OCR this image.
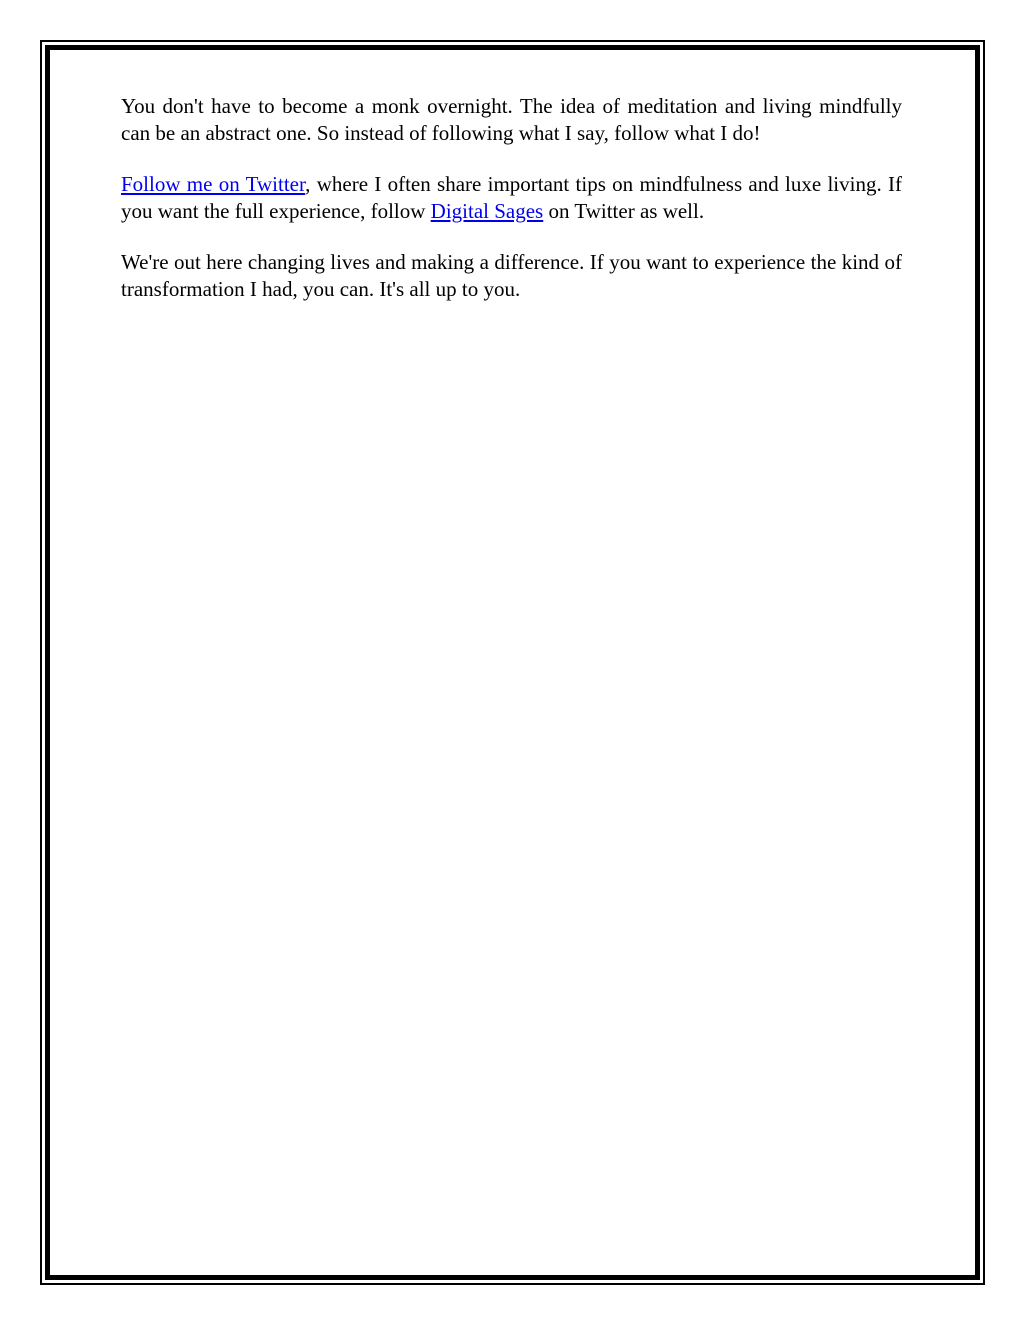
You don't have to become a monk overnight. The idea of meditation and living mindfully can be an abstract one. So instead of following what I say, follow what I do!

Follow me on Twitter, where I often share important tips on mindfulness and luxe living. If you want the full experience, follow Digital Sages on Twitter as well.

We're out here changing lives and making a difference. If you want to experience the kind of transformation I had, you can. It's all up to you.
